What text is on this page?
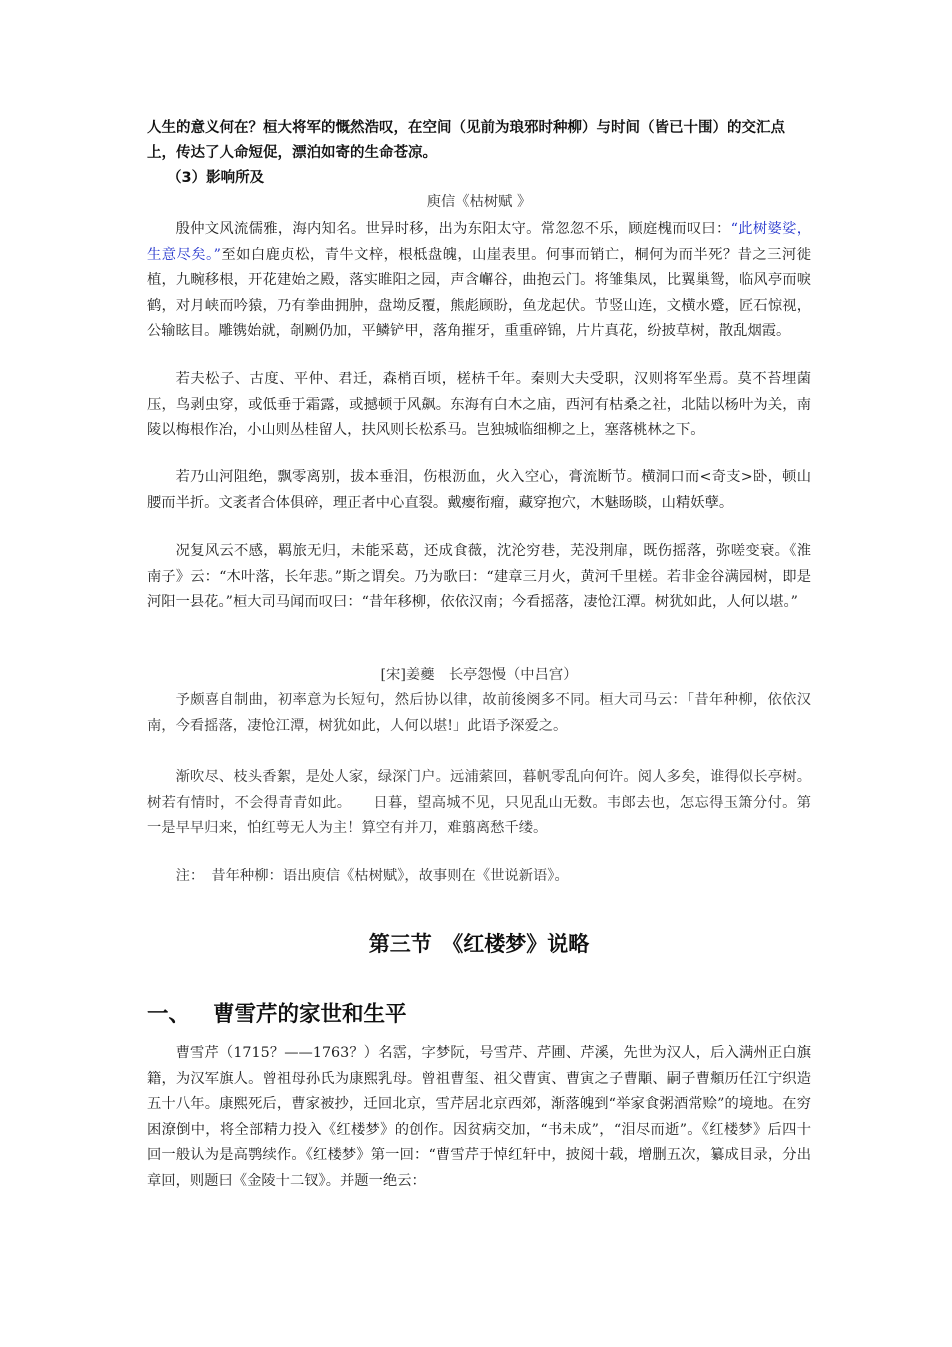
人生的意义何在？桓大将军的慨然浩叹，在空间（见前为琅邪时种柳）与时间（皆已十围）的交汇点上，传达了人命短促，漂泊如寄的生命苍凉。

（3）影响所及

庾信《枯树赋 》

殷仲文风流儒雅，海内知名。世异时移，出为东阳太守。常忽忽不乐，顾庭槐而叹曰：“此树婆娑，生意尽矣。”至如白鹿贞松，青牛文梓，根柢盘魄，山崖表里。何事而销亡，桐何为而半死？昔之三河徙植，九畹移根，开花建始之殿，落实睢阳之园，声含嶰谷，曲抱云门。将雏集凤，比翼巢鸳，临风亭而唳鹤，对月峡而吟猿，乃有拳曲拥肿，盘坳反覆，熊彪顾盼，鱼龙起伏。节竖山连，文横水蹙，匠石惊视，公输眩目。雕镌始就，剞劂仍加，平鳞铲甲，落角摧牙，重重碎锦，片片真花，纷披草树，散乱烟霞。

若夫松子、古度、平仲、君迁，森梢百顷，槎枿千年。秦则大夫受职，汉则将军坐焉。莫不苔埋菌压，鸟剥虫穿，或低垂于霜露，或撼顿于风飙。东海有白木之庙，西河有枯桑之社，北陆以杨叶为关，南陵以梅根作冶，小山则丛桂留人，扶风则长松系马。岂独城临细柳之上，塞落桃林之下。

若乃山河阻绝，飘零离别，拔本垂泪，伤根沥血，火入空心，膏流断节。横洞口而<奇支>卧，顿山腰而半折。文袤者合体俱碎，理正者中心直裂。戴瘿衔瘤，藏穿抱穴，木魅旸睒，山精妖孽。

况复风云不感，羁旅无归，未能采葛，还成食薇，沈沦穷巷，芜没荆扉，既伤摇落，弥嗟变衰。《淮南子》云：“木叶落，长年悲。”斯之谓矣。乃为歌曰：“建章三月火，黄河千里槎。若非金谷满园树，即是河阳一县花。”桓大司马闻而叹曰：“昔年移柳，依依汉南；今看摇落，凄怆江潭。树犹如此，人何以堪。”

[宋]姜夔　长亭怨慢（中吕宫）

予颇喜自制曲，初率意为长短句，然后协以律，故前後阕多不同。桓大司马云：「昔年种柳，依依汉南，今看摇落，凄怆江潭，树犹如此，人何以堪!」此语予深爱之。

渐吹尽、枝头香絮，是处人家，绿深门户。远浦萦回，暮帆零乱向何许。阅人多矣，谁得似长亭树。树若有情时，不会得青青如此。　　日暮，望高城不见，只见乱山无数。韦郎去也，怎忘得玉箫分付。第一是早早归来，怕红萼无人为主！算空有并刀，难翦离愁千缕。

注：　昔年种柳：语出庾信《枯树赋》，故事则在《世说新语》。

第三节　《红楼梦》说略
一、 曹雪芹的家世和生平

曹雪芹（1715？——1763？）名霑，字梦阮，号雪芹、芹圃、芹溪，先世为汉人，后入满州正白旗籍，为汉军旗人。曾祖母孙氏为康熙乳母。曾祖曹玺、祖父曹寅、曹寅之子曹顒、嗣子曹頫历任江宁织造五十八年。康熙死后，曹家被抄，迁回北京，雪芹居北京西郊，渐落魄到“举家食粥酒常赊”的境地。在穷困潦倒中，将全部精力投入《红楼梦》的创作。因贫病交加，“书未成”，“泪尽而逝”。《红楼梦》后四十回一般认为是高鹗续作。《红楼梦》第一回：“曹雪芹于悼红轩中，披阅十载，增删五次，纂成目录，分出章回，则题曰《金陵十二钗》。并题一绝云：
